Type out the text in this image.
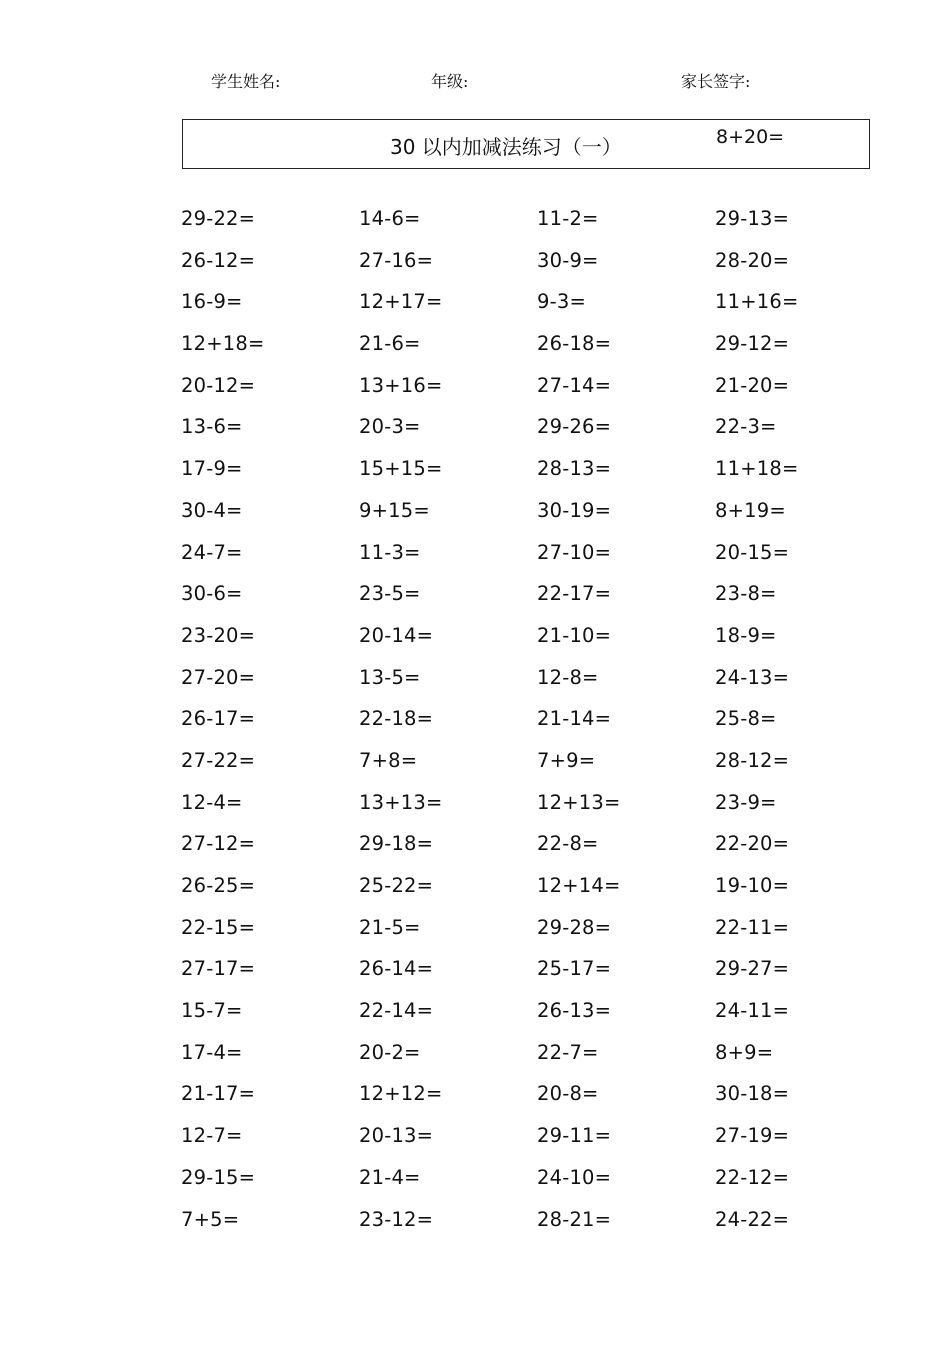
学生姓名:	年级:	家长签字:
30 以内加减法练习（一）	8+20=
29-22=	14-6=	11-2=	29-13=
26-12=	27-16=	30-9=	28-20=
16-9=	12+17=	9-3=	11+16=
12+18=	21-6=	26-18=	29-12=
20-12=	13+16=	27-14=	21-20=
13-6=	20-3=	29-26=	22-3=
17-9=	15+15=	28-13=	11+18=
30-4=	9+15=	30-19=	8+19=
24-7=	11-3=	27-10=	20-15=
30-6=	23-5=	22-17=	23-8=
23-20=	20-14=	21-10=	18-9=
27-20=	13-5=	12-8=	24-13=
26-17=	22-18=	21-14=	25-8=
27-22=	7+8=	7+9=	28-12=
12-4=	13+13=	12+13=	23-9=
27-12=	29-18=	22-8=	22-20=
26-25=	25-22=	12+14=	19-10=
22-15=	21-5=	29-28=	22-11=
27-17=	26-14=	25-17=	29-27=
15-7=	22-14=	26-13=	24-11=
17-4=	20-2=	22-7=	8+9=
21-17=	12+12=	20-8=	30-18=
12-7=	20-13=	29-11=	27-19=
29-15=	21-4=	24-10=	22-12=
7+5=	23-12=	28-21=	24-22=
